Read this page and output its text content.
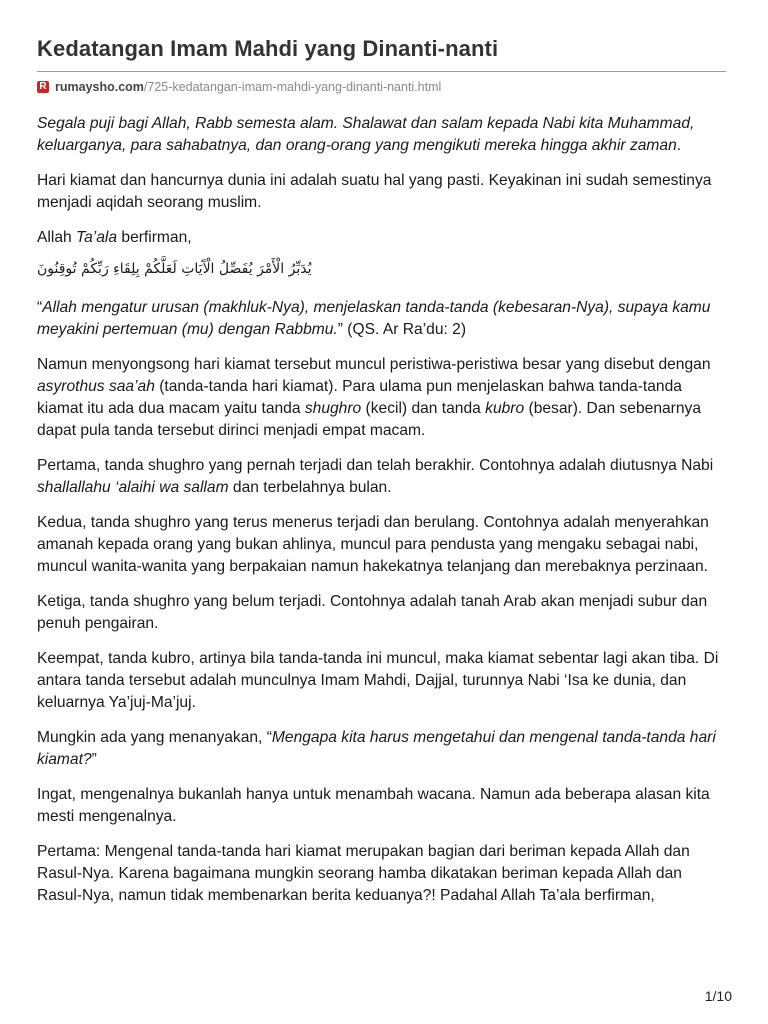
Kedatangan Imam Mahdi yang Dinanti-nanti
R rumaysho.com /725-kedatangan-imam-mahdi-yang-dinanti-nanti.html

Segala puji bagi Allah, Rabb semesta alam. Shalawat dan salam kepada Nabi kita Muhammad, keluarganya, para sahabatnya, dan orang-orang yang mengikuti mereka hingga akhir zaman.

Hari kiamat dan hancurnya dunia ini adalah suatu hal yang pasti. Keyakinan ini sudah semestinya menjadi aqidah seorang muslim.

Allah Ta’ala berfirman,

يُدَبِّرُ الْأَمْرَ يُفَصِّلُ الْآَيَاتِ لَعَلَّكُمْ بِلِقَاءِ رَبِّكُمْ تُوقِنُونَ

“Allah mengatur urusan (makhluk-Nya), menjelaskan tanda-tanda (kebesaran-Nya), supaya kamu meyakini pertemuan (mu) dengan Rabbmu.” (QS. Ar Ra’du: 2)

Namun menyongsong hari kiamat tersebut muncul peristiwa-peristiwa besar yang disebut dengan asyrothus saa’ah (tanda-tanda hari kiamat). Para ulama pun menjelaskan bahwa tanda-tanda kiamat itu ada dua macam yaitu tanda shughro (kecil) dan tanda kubro (besar). Dan sebenarnya dapat pula tanda tersebut dirinci menjadi empat macam.

Pertama, tanda shughro yang pernah terjadi dan telah berakhir. Contohnya adalah diutusnya Nabi shallallahu ‘alaihi wa sallam dan terbelahnya bulan.

Kedua, tanda shughro yang terus menerus terjadi dan berulang. Contohnya adalah menyerahkan amanah kepada orang yang bukan ahlinya, muncul para pendusta yang mengaku sebagai nabi, muncul wanita-wanita yang berpakaian namun hakekatnya telanjang dan merebaknya perzinaan.

Ketiga, tanda shughro yang belum terjadi. Contohnya adalah tanah Arab akan menjadi subur dan penuh pengairan.

Keempat, tanda kubro, artinya bila tanda-tanda ini muncul, maka kiamat sebentar lagi akan tiba. Di antara tanda tersebut adalah munculnya Imam Mahdi, Dajjal, turunnya Nabi ‘Isa ke dunia, dan keluarnya Ya’juj-Ma’juj.

Mungkin ada yang menanyakan, “Mengapa kita harus mengetahui dan mengenal tanda-tanda hari kiamat?”

Ingat, mengenalnya bukanlah hanya untuk menambah wacana. Namun ada beberapa alasan kita mesti mengenalnya.

Pertama: Mengenal tanda-tanda hari kiamat merupakan bagian dari beriman kepada Allah dan Rasul-Nya. Karena bagaimana mungkin seorang hamba dikatakan beriman kepada Allah dan Rasul-Nya, namun tidak membenarkan berita keduanya?! Padahal Allah Ta’ala berfirman,

1/10
